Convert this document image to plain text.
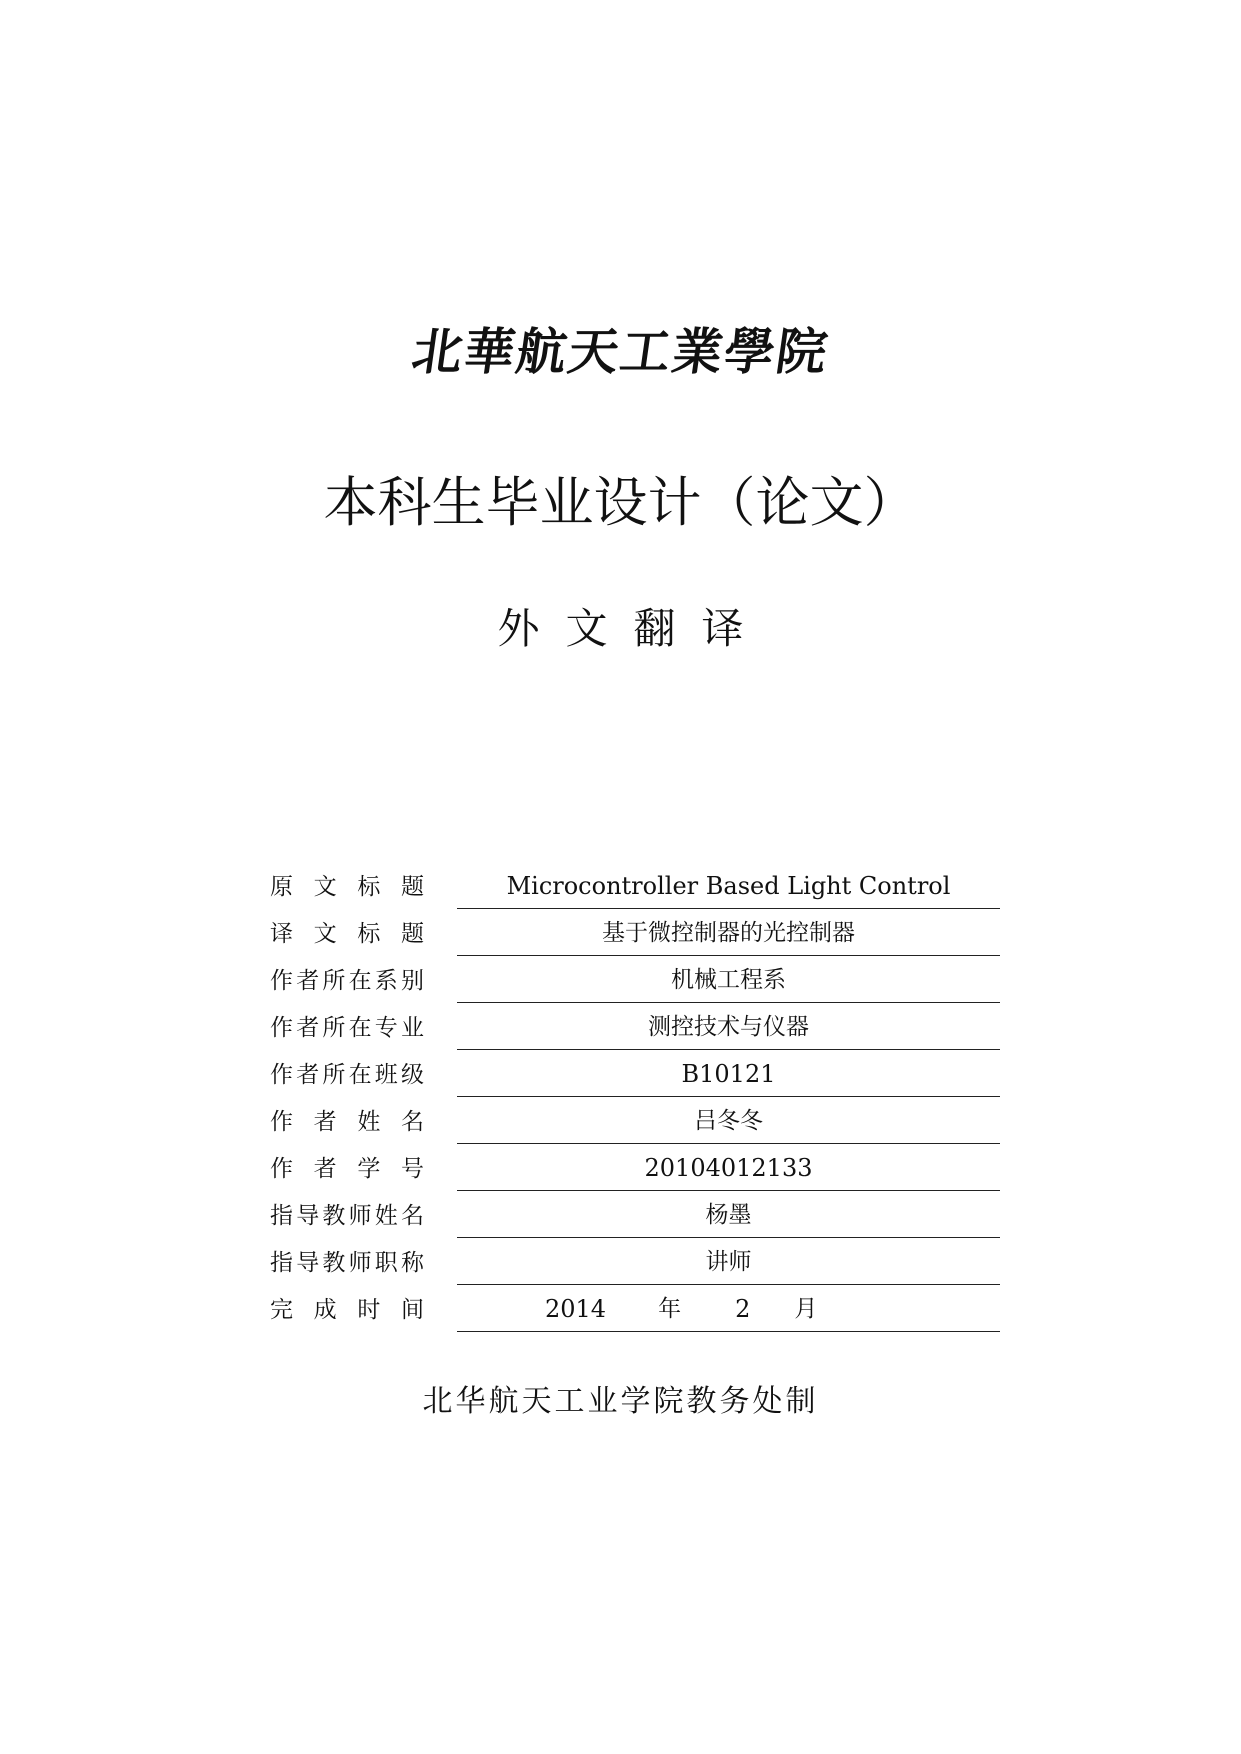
北華航天工業學院
本科生毕业设计（论文）
外文翻译
原 文 标 题	Microcontroller Based Light Control
译 文 标 题	基于微控制器的光控制器
作者所在系别	机械工程系
作者所在专业	测控技术与仪器
作者所在班级	B10121
作 者 姓 名	吕冬冬
作 者 学 号	20104012133
指导教师姓名	杨墨
指导教师职称	讲师
完 成 时 间	2014 年 2 月
北华航天工业学院教务处制
